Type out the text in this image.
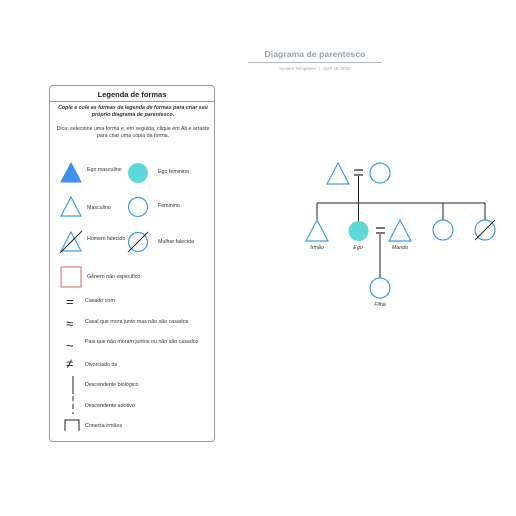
Diagrama de parentesco
System Templates | April 15, 2025
Legenda de formas
Copie e cole as formas da legenda de formas para criar seu próprio diagrama de parentesco.
Dica: selecione uma forma e, em seguida, clique em Alt e arraste para criar uma cópia da forma.
Ego masculino	Ego feminino
Masculino	Feminino
Homem falecido	Mulher falecida
Gênero não específico
= Casado com
≈ Casal que mora junto mas não são casados
~ Pais que não moram juntos ou não são casados
≠ Divorciado de
Descendente biológico
Descendente adotivo
Conecta irmãos
Irmão	Ego	Marido
Filha
